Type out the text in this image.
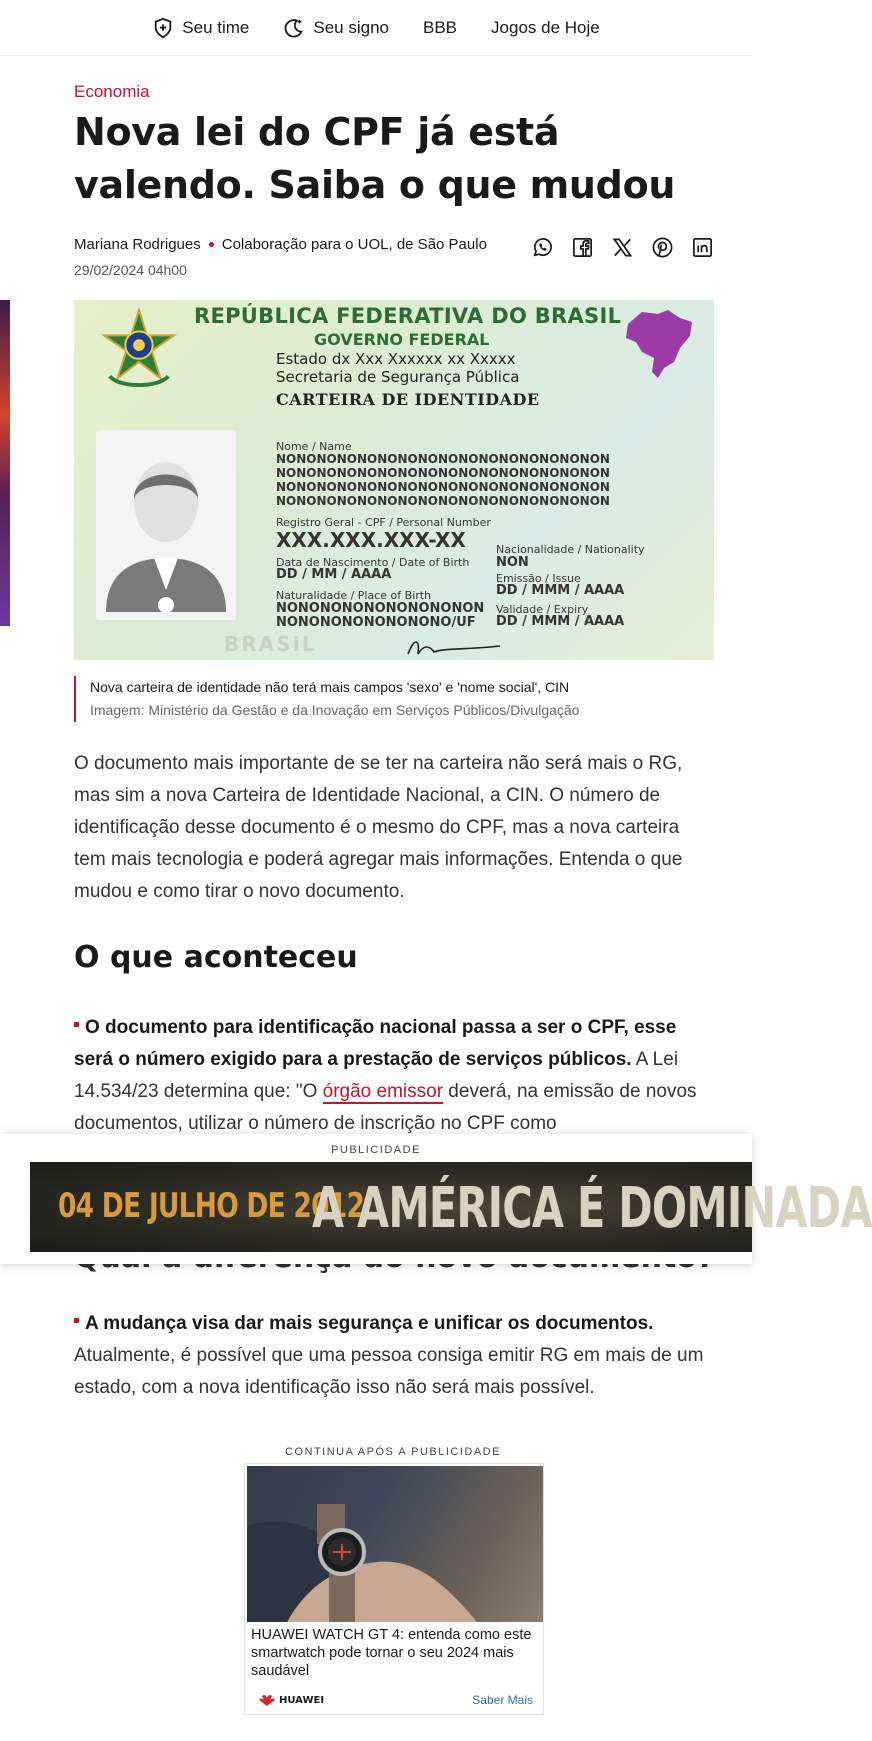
Seu time	Seu signo BBB Jogos de Hoje
Economia
Nova lei do CPF já está valendo. Saiba o que mudou
Mariana Rodrigues Colaboração para o UOL, de São Paulo
29/02/2024 04h00
REPÚBLICA FEDERATIVA DO BRASIL
GOVERNO FEDERAL
Estado dx Xxx Xxxxxx xx Xxxxx
Secretaria de Segurança Pública
CARTEIRA DE IDENTIDADE
Nome / Name
NONONONONONONONONONONONONONONONON
NONONONONONONONONONONONONONONONON
NONONONONONONONONONONONONONONONON
NONONONONONONONONONONONONONONONON
Registro Geral - CPF / Personal Number
XXX.XXX.XXX-XX
Data de Nascimento / Date of Birth
DD / MM / AAAA
Naturalidade / Place of Birth
NONONONONONONONONON
NONONONONONONONO/UF
Nacionalidade / Nationality
NON
Emissão / Issue
DD / MMM / AAAA
Validade / Expiry
DD / MMM / AAAA
BRASIL
Nova carteira de identidade não terá mais campos 'sexo' e 'nome social', CIN
Imagem: Ministério da Gestão e da Inovação em Serviços Públicos/Divulgação

O documento mais importante de se ter na carteira não será mais o RG, mas sim a nova Carteira de Identidade Nacional, a CIN. O número de identificação desse documento é o mesmo do CPF, mas a nova carteira tem mais tecnologia e poderá agregar mais informações. Entenda o que mudou e como tirar o novo documento.

O que aconteceu

O documento para identificação nacional passa a ser o CPF, esse será o número exigido para a prestação de serviços públicos. A Lei 14.534/23 determina que: "O órgão emissor deverá, na emissão de novos documentos, utilizar o número de inscrição no CPF como

A mudança visa dar mais segurança e unificar os documentos. Atualmente, é possível que uma pessoa consiga emitir RG em mais de um estado, com a nova identificação isso não será mais possível.

PUBLICIDADE
04 DE JULHO DE 2012
A AMÉRICA É DOMINADA
CONTINUA APÓS A PUBLICIDADE
HUAWEI WATCH GT 4: entenda como este smartwatch pode tornar o seu 2024 mais saudável
HUAWEI	Saber Mais
